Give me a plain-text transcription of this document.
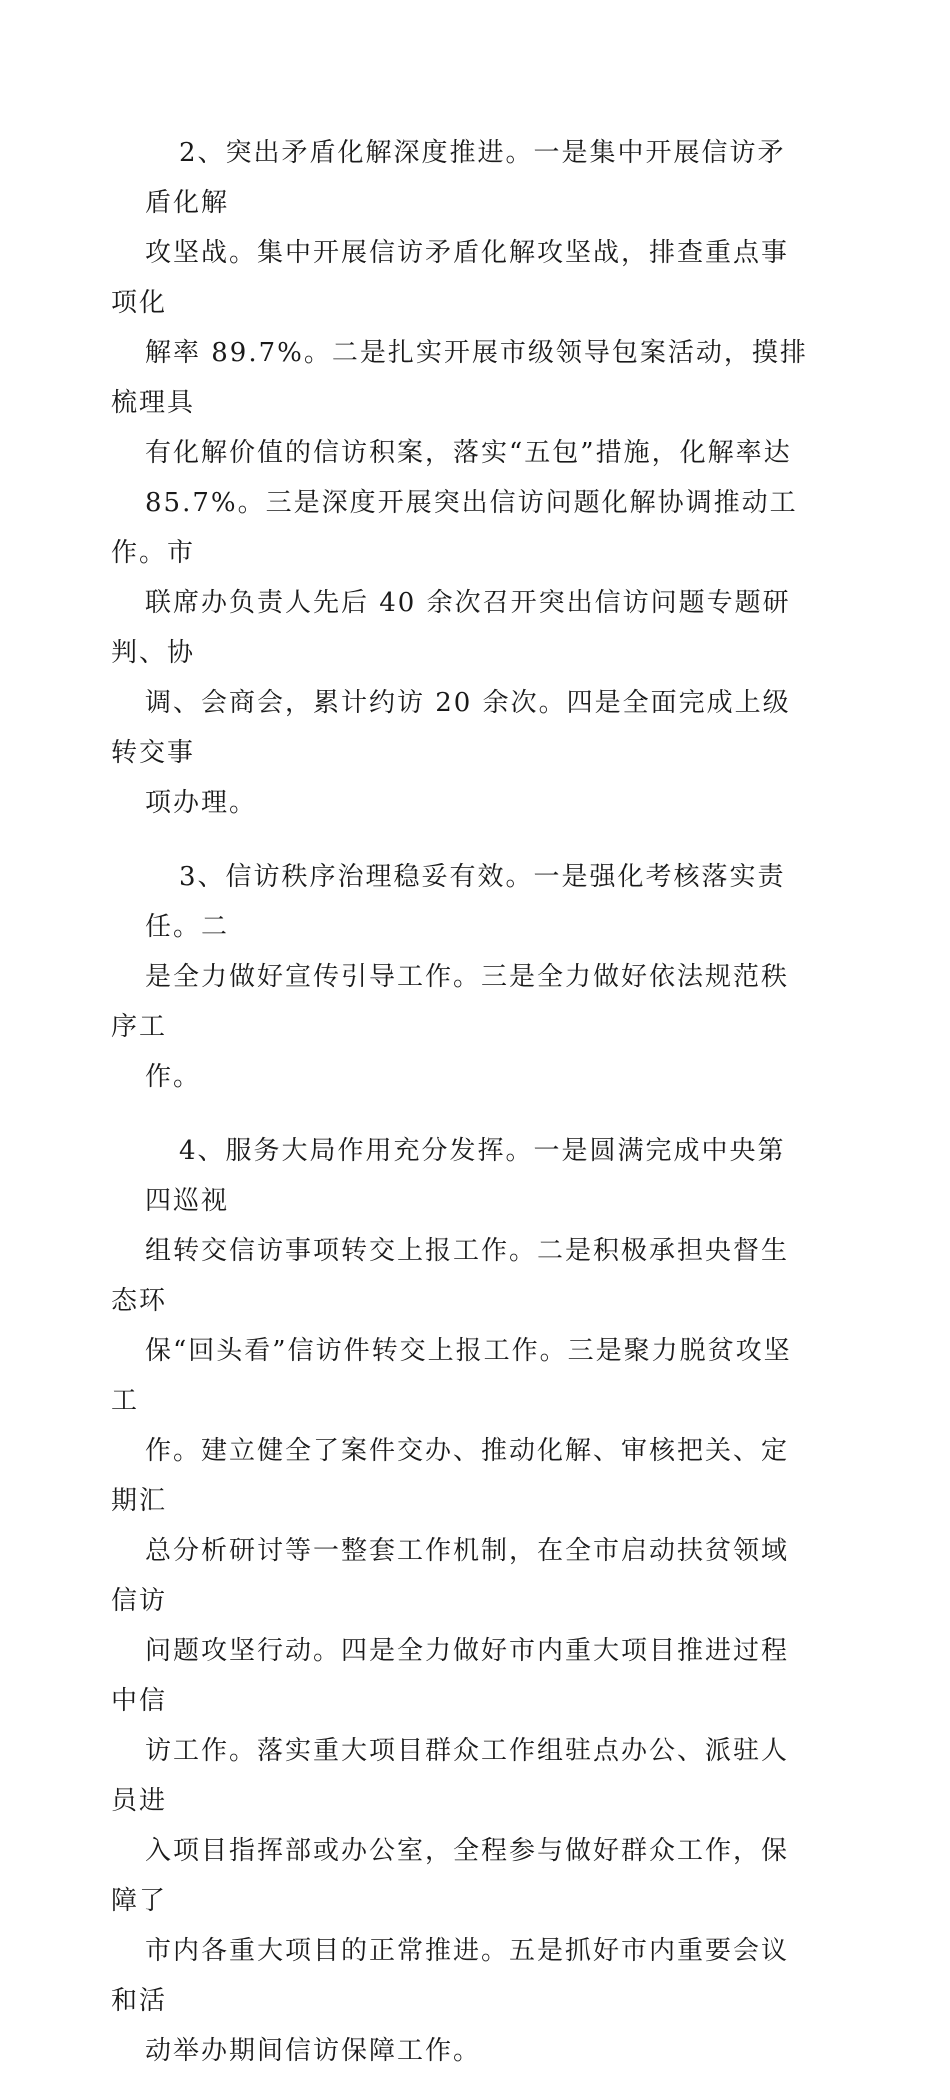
2、突出矛盾化解深度推进。一是集中开展信访矛盾化解
攻坚战。集中开展信访矛盾化解攻坚战，排查重点事项化
解率 89.7%。二是扎实开展市级领导包案活动，摸排梳理具
有化解价值的信访积案，落实“五包”措施，化解率达
85.7%。三是深度开展突出信访问题化解协调推动工作。市
联席办负责人先后 40 余次召开突出信访问题专题研判、协
调、会商会，累计约访 20 余次。四是全面完成上级转交事
项办理。

3、信访秩序治理稳妥有效。一是强化考核落实责任。二
是全力做好宣传引导工作。三是全力做好依法规范秩序工
作。

4、服务大局作用充分发挥。一是圆满完成中央第四巡视
组转交信访事项转交上报工作。二是积极承担央督生态环
保“回头看”信访件转交上报工作。三是聚力脱贫攻坚工
作。建立健全了案件交办、推动化解、审核把关、定期汇
总分析研讨等一整套工作机制，在全市启动扶贫领域信访
问题攻坚行动。四是全力做好市内重大项目推进过程中信
访工作。落实重大项目群众工作组驻点办公、派驻人员进
入项目指挥部或办公室，全程参与做好群众工作，保障了
市内各重大项目的正常推进。五是抓好市内重要会议和活
动举办期间信访保障工作。
